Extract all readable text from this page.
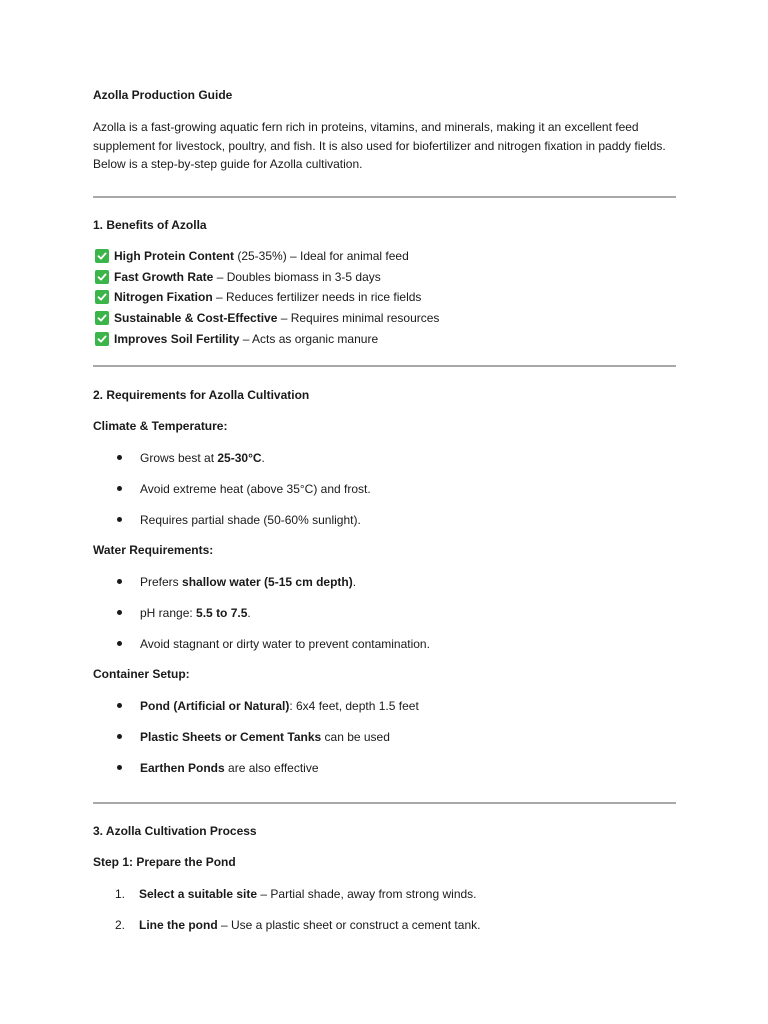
Azolla Production Guide

Azolla is a fast-growing aquatic fern rich in proteins, vitamins, and minerals, making it an excellent feed supplement for livestock, poultry, and fish. It is also used for biofertilizer and nitrogen fixation in paddy fields. Below is a step-by-step guide for Azolla cultivation.

1. Benefits of Azolla

High Protein Content (25-35%) – Ideal for animal feed
Fast Growth Rate – Doubles biomass in 3-5 days
Nitrogen Fixation – Reduces fertilizer needs in rice fields
Sustainable & Cost-Effective – Requires minimal resources
Improves Soil Fertility – Acts as organic manure

2. Requirements for Azolla Cultivation

Climate & Temperature:

Grows best at 25-30°C.
Avoid extreme heat (above 35°C) and frost.
Requires partial shade (50-60% sunlight).

Water Requirements:

Prefers shallow water (5-15 cm depth).
pH range: 5.5 to 7.5.
Avoid stagnant or dirty water to prevent contamination.

Container Setup:

Pond (Artificial or Natural): 6x4 feet, depth 1.5 feet
Plastic Sheets or Cement Tanks can be used
Earthen Ponds are also effective

3. Azolla Cultivation Process

Step 1: Prepare the Pond

1.	Select a suitable site – Partial shade, away from strong winds.
2.	Line the pond – Use a plastic sheet or construct a cement tank.
